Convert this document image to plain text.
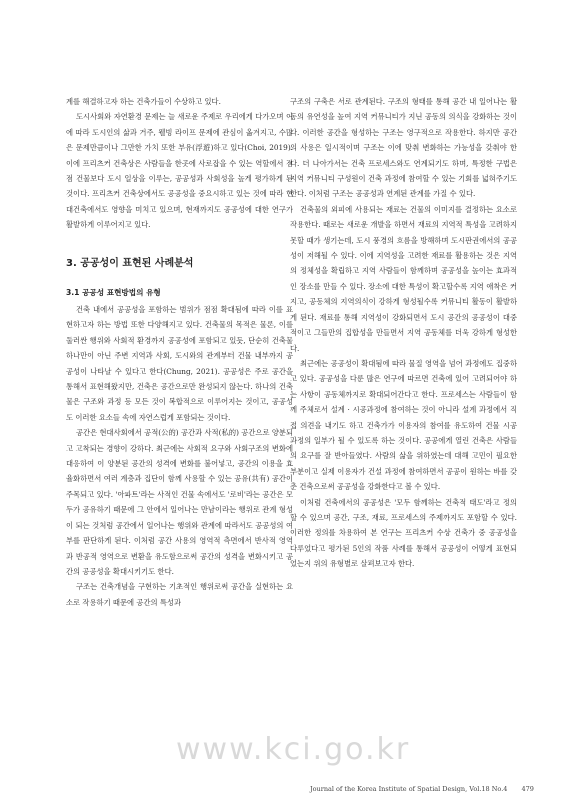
계를 해결하고자 하는 건축가들이 수상하고 있다.

도시사회와 자연환경 문제는 늘 새로운 주제로 우리에게 다가오며 이에 따라 도시인의 삶과 거주, 웰빙 라이프 문제에 관심이 옮겨지고, 수많은 문제만큼이나 그만한 가치 또한 부유(浮遊)하고 있다(Choi, 2019). 이에 프리츠커 건축상은 사람들을 한곳에 사로잡을 수 있는 역할에서 점점 건물보다 도시 일상을 이루는, 공공성과 사회성을 높게 평가하게 된 것이다. 프리츠커 건축상에서도 공공성을 중요시하고 있는 것에 따라 현대건축에서도 영향을 미치고 있으며, 현재까지도 공공성에 대한 연구가 활발하게 이루어지고 있다.

3. 공공성이 표현된 사례분석
3.1 공공성 표현방법의 유형

건축 내에서 공공성을 포함하는 범위가 점점 확대됨에 따라 이를 표현하고자 하는 방법 또한 다양해지고 있다. 건축물의 목적은 물론, 이를 둘러싼 행위와 사회적 환경까지 공공성에 포함되고 있듯, 단순히 건축물 하나만이 아닌 주변 지역과 사회, 도시와의 관계부터 건물 내부까지 공공성이 나타날 수 있다고 한다(Chung, 2021). 공공성은 주로 공간을 통해서 표현해왔지만, 건축은 공간으로만 완성되지 않는다. 하나의 건축물은 구조와 과정 등 모든 것이 복합적으로 이루어지는 것이고, 공공성도 이러한 요소들 속에 자연스럽게 포함되는 것이다.

공간은 현대사회에서 공적(公的) 공간과 사적(私的) 공간으로 양분되고 고착되는 경향이 강하다. 최근에는 사회적 요구와 사회구조의 변화에 대응하여 이 양분된 공간의 성격에 변화를 불어넣고, 공간의 이용을 효율화하면서 여러 계층과 집단이 함께 사용할 수 있는 공유(共有) 공간이 주목되고 있다. '아파트'라는 사적인 건물 속에서도 '로비'라는 공간은 모두가 공유하기 때문에 그 안에서 일어나는 만남이라는 행위로 관계 형성이 되는 것처럼 공간에서 일어나는 행위와 관계에 따라서도 공공성의 여부를 판단하게 된다. 이처럼 공간 사용의 영역적 측면에서 반사적 영역과 반공적 영역으로 변환을 유도함으로써 공간의 성격을 변화시키고 공간의 공공성을 확대시키기도 한다.

구조는 건축개념을 구현하는 기초적인 행위로써 공간을 실현하는 요소로 작용하기 때문에 공간의 특성과

구조의 구축은 서로 관계된다. 구조의 형태를 통해 공간 내 일어나는 활동의 유연성을 높여 지역 커뮤니티가 지닌 공동의 의식을 강화하는 것이다. 이러한 공간을 형성하는 구조는 영구적으로 작용한다. 하지만 공간의 사용은 일시적이며 구조는 이에 맞춰 변화하는 가능성을 갖춰야 한다. 더 나아가서는 건축 프로세스와도 연계되기도 하며, 특정한 구법은 지역 커뮤니티 구성원이 건축 과정에 참여할 수 있는 기회를 넓혀주기도 한다. 이처럼 구조는 공공성과 연계된 관계를 가질 수 있다.

건축물의 외피에 사용되는 재료는 건물의 이미지를 결정하는 요소로 작용한다. 때로는 새로운 개발을 하면서 재료의 지역적 특성을 고려하지 못할 때가 생기는데, 도시 풍경의 흐름을 방해하며 도시판권에서의 공공성이 저해될 수 있다. 이에 지역성을 고려한 재료를 활용하는 것은 지역의 정체성을 확립하고 지역 사람들이 함께하며 공공성을 높이는 효과적인 장소를 만들 수 있다. 장소에 대한 특성이 확고할수록 지역 애착은 커지고, 공동체의 지역의식이 강하게 형성될수록 커뮤니티 활동이 활발하게 된다. 재료를 통해 지역성이 강화되면서 도시 공간의 공공성이 대중적이고 그들만의 집합성을 만들면서 지역 공동체를 더욱 강하게 형성한다.

최근에는 공공성이 확대됨에 따라 물질 영역을 넘어 과정에도 집중하고 있다. 공공성을 다룬 많은 연구에 따르면 건축에 있어 고려되어야 하는 사항이 공동체까지로 확대되어간다고 한다. 프로세스는 사람들이 함께 주체로서 설계 · 시공과정에 참여하는 것이 아니라 설계 과정에서 직접 의견을 내기도 하고 건축가가 이용자의 참여를 유도하여 건물 시공 과정의 일부가 될 수 있도록 하는 것이다. 공공에게 열린 건축은 사람들의 요구를 잘 반아들였다. 사람의 삶을 위하였는데 대해 고민이 필요한 부분이고 실제 이용자가 건설 과정에 참여하면서 공공이 원하는 바를 갖춘 건축으로써 공공성을 강화한다고 볼 수 있다.

이처럼 건축에서의 공공성은 '모두 함께하는 건축적 태도'라고 정의할 수 있으며 공간, 구조, 재료, 프로세스의 주제까지도 포함할 수 있다. 이러한 정의를 차용하여 본 연구는 프리츠커 수상 건축가 중 공공성을 다루었다고 평가된 5인의 작품 사례를 통해서 공공성이 어떻게 표현되었는지 위의 유형별로 살펴보고자 한다.

www.kci.go.kr
Journal of the Korea Institute of Spatial Design, Vol.18 No.4 479
